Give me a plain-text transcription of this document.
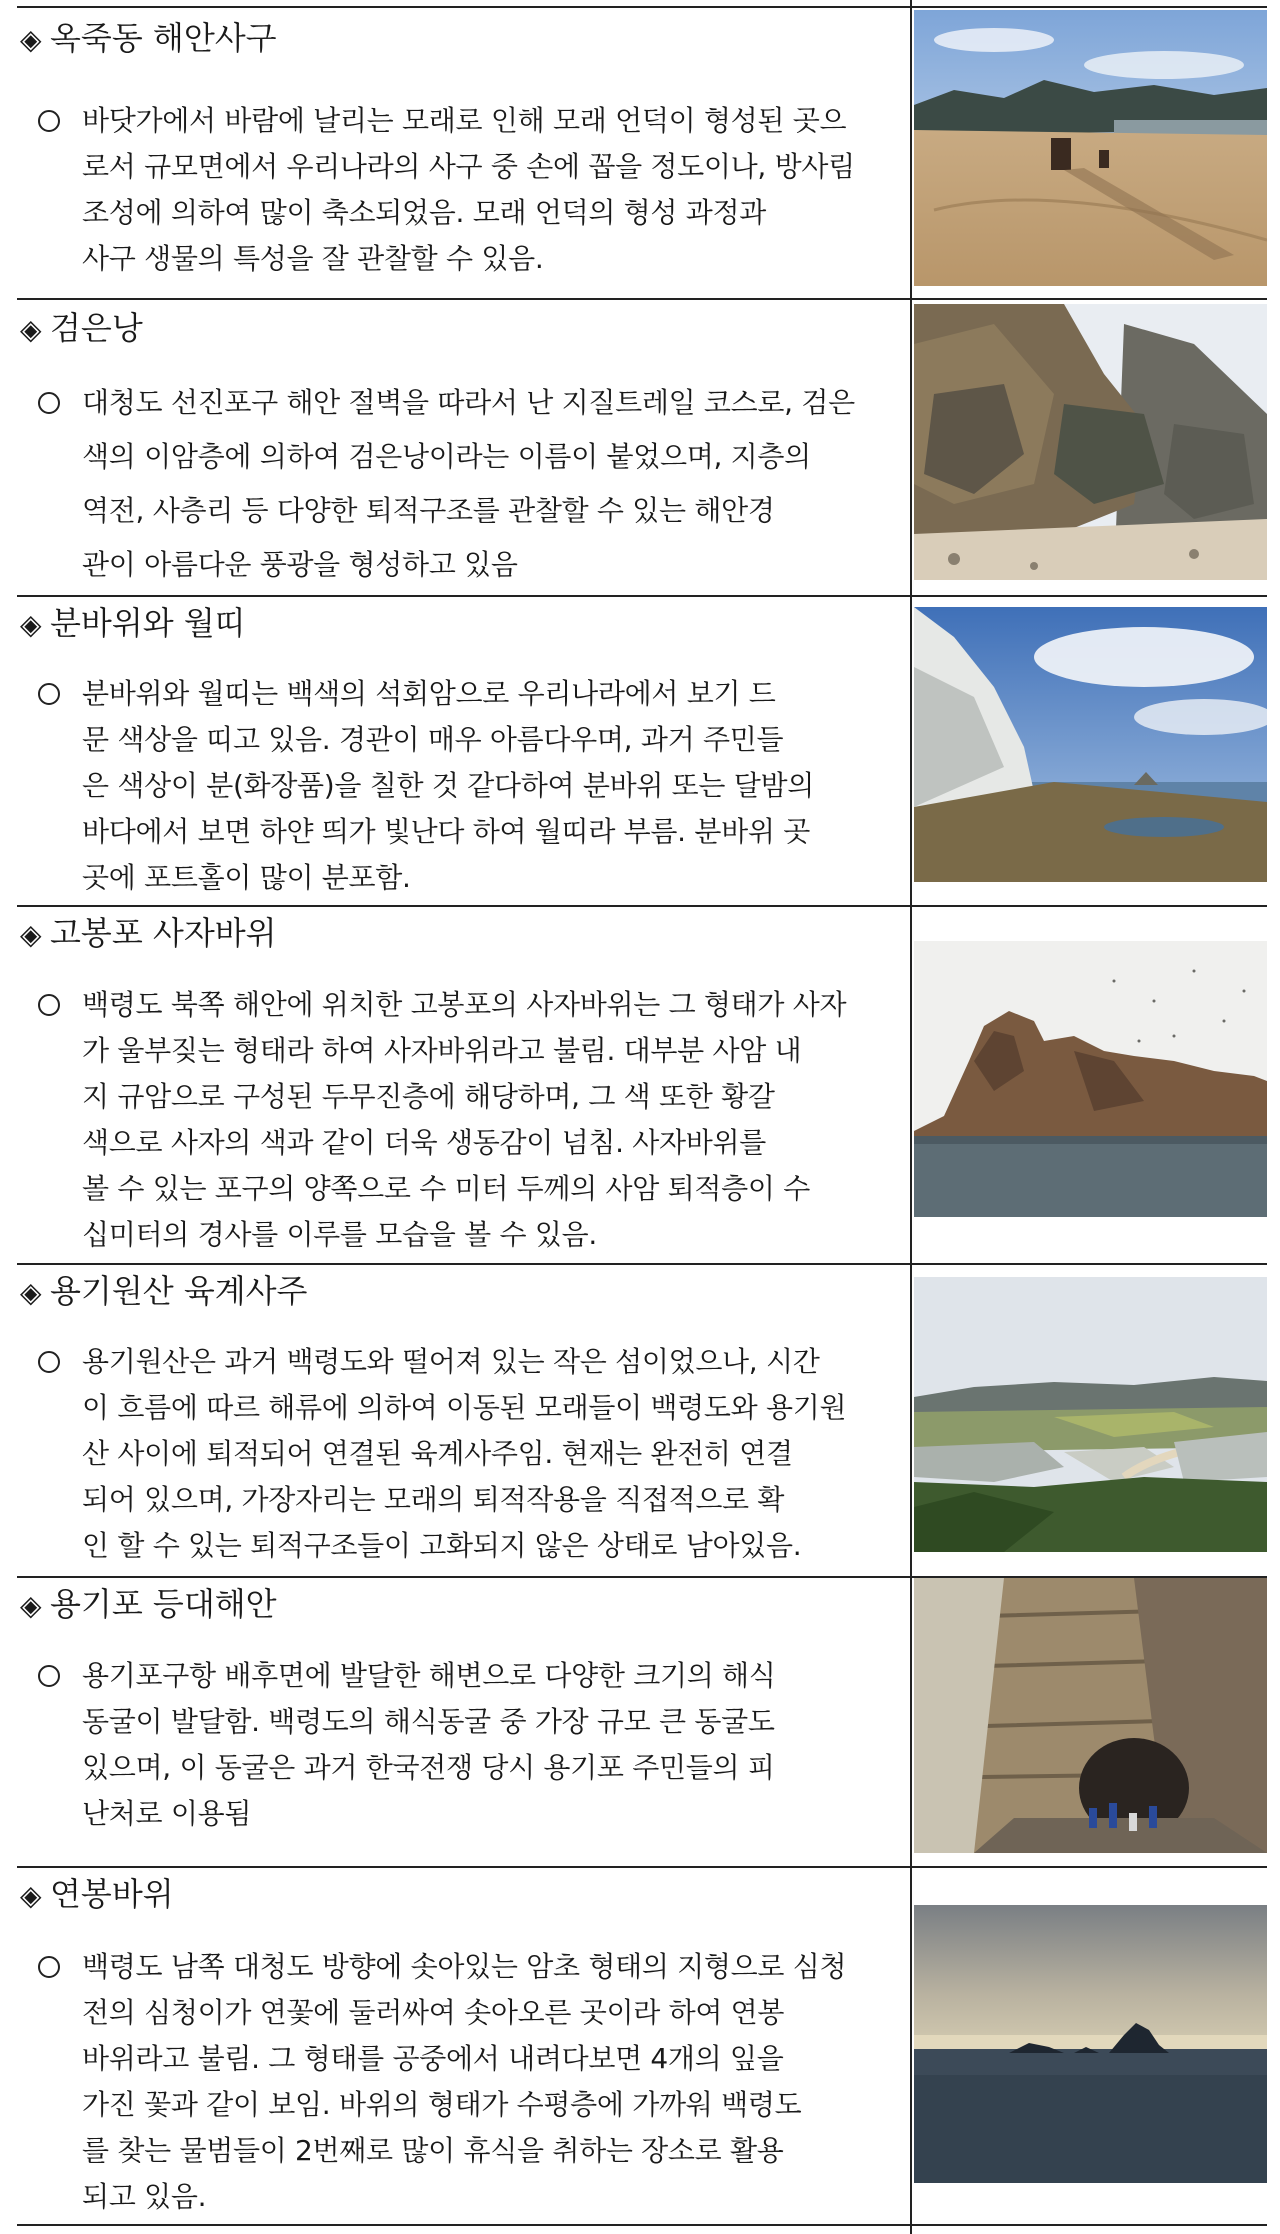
◈ 옥죽동 해안사구
바닷가에서 바람에 날리는 모래로 인해 모래 언덕이 형성된 곳으
로서 규모면에서 우리나라의 사구 중 손에 꼽을 정도이나, 방사림
조성에 의하여 많이 축소되었음. 모래 언덕의 형성 과정과
사구 생물의 특성을 잘 관찰할 수 있음.
◈ 검은낭
대청도 선진포구 해안 절벽을 따라서 난 지질트레일 코스로, 검은
색의 이암층에 의하여 검은낭이라는 이름이 붙었으며, 지층의
역전, 사층리 등 다양한 퇴적구조를 관찰할 수 있는 해안경
관이 아름다운 풍광을 형성하고 있음
◈ 분바위와 월띠
분바위와 월띠는 백색의 석회암으로 우리나라에서 보기 드
문 색상을 띠고 있음. 경관이 매우 아름다우며, 과거 주민들
은 색상이 분(화장품)을 칠한 것 같다하여 분바위 또는 달밤의
바다에서 보면 하얀 띄가 빛난다 하여 월띠라 부름. 분바위 곳
곳에 포트홀이 많이 분포함.
◈ 고봉포 사자바위
백령도 북쪽 해안에 위치한 고봉포의 사자바위는 그 형태가 사자
가 울부짖는 형태라 하여 사자바위라고 불림. 대부분 사암 내
지 규암으로 구성된 두무진층에 해당하며, 그 색 또한 황갈
색으로 사자의 색과 같이 더욱 생동감이 넘침. 사자바위를
볼 수 있는 포구의 양쪽으로 수 미터 두께의 사암 퇴적층이 수
십미터의 경사를 이루를 모습을 볼 수 있음.
◈ 용기원산 육계사주
용기원산은 과거 백령도와 떨어져 있는 작은 섬이었으나, 시간
이 흐름에 따르 해류에 의하여 이동된 모래들이 백령도와 용기원
산 사이에 퇴적되어 연결된 육계사주임. 현재는 완전히 연결
되어 있으며, 가장자리는 모래의 퇴적작용을 직접적으로 확
인 할 수 있는 퇴적구조들이 고화되지 않은 상태로 남아있음.
◈ 용기포 등대해안
용기포구항 배후면에 발달한 해변으로 다양한 크기의 해식
동굴이 발달함. 백령도의 해식동굴 중 가장 규모 큰 동굴도
있으며, 이 동굴은 과거 한국전쟁 당시 용기포 주민들의 피
난처로 이용됨
◈ 연봉바위
백령도 남쪽 대청도 방향에 솟아있는 암초 형태의 지형으로 심청
전의 심청이가 연꽃에 둘러싸여 솟아오른 곳이라 하여 연봉
바위라고 불림. 그 형태를 공중에서 내려다보면 4개의 잎을
가진 꽃과 같이 보임. 바위의 형태가 수평층에 가까워 백령도
를 찾는 물범들이 2번째로 많이 휴식을 취하는 장소로 활용
되고 있음.
